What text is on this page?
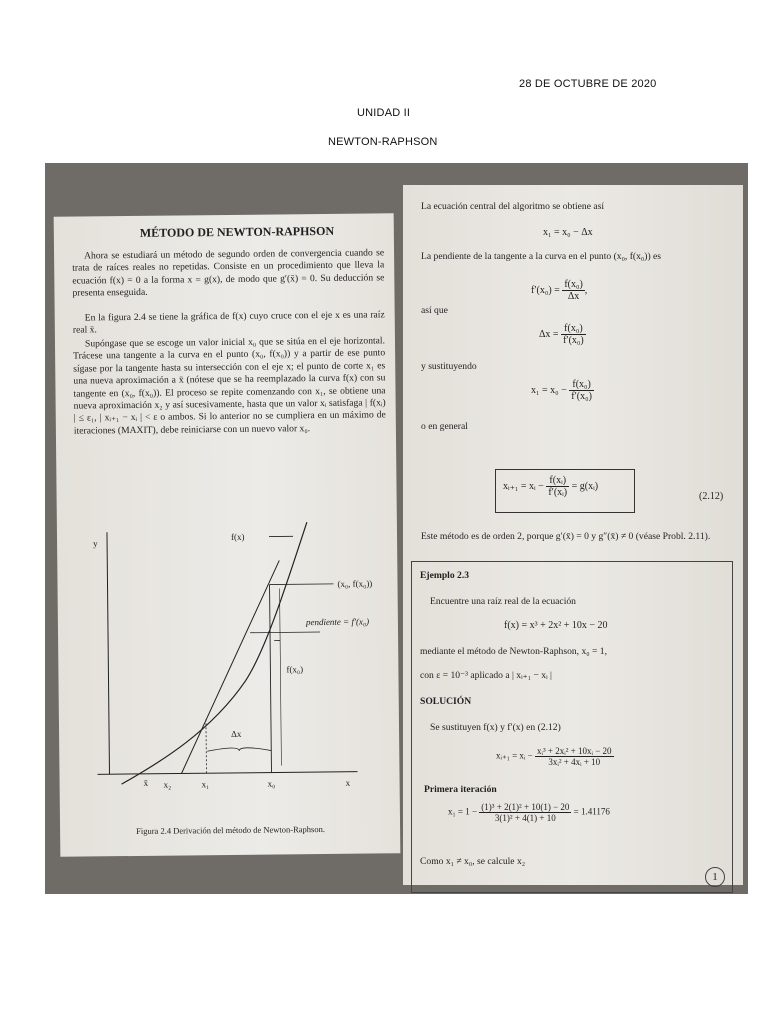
28 DE OCTUBRE DE 2020
UNIDAD II
NEWTON-RAPHSON
MÉTODO DE NEWTON-RAPHSON
Ahora se estudiará un método de segundo orden de convergencia cuando se trata de raíces reales no repetidas. Consiste en un procedimiento que lleva la ecuación f(x) = 0 a la forma x = g(x), de modo que g′(x̄) = 0. Su deducción se presenta enseguida.
En la figura 2.4 se tiene la gráfica de f(x) cuyo cruce con el eje x es una raíz real x̄.
Supóngase que se escoge un valor inicial x₀ que se sitúa en el eje horizontal. Trácese una tangente a la curva en el punto (x₀, f(x₀)) y a partir de ese punto sígase por la tangente hasta su intersección con el eje x; el punto de corte x₁ es una nueva aproximación a x̄ (nótese que se ha reemplazado la curva f(x) con su tangente en (x₀, f(x₀)). El proceso se repite comenzando con x₁, se obtiene una nueva aproximación x₂ y así sucesivamente, hasta que un valor xᵢ satisfaga | f(xᵢ) | ≤ ε₁, | xᵢ₊₁ − xᵢ | < ε o ambos. Si lo anterior no se cumpliera en un máximo de iteraciones (MAXIT), debe reiniciarse con un nuevo valor x₀.
y
x
f(x)
(x₀, f(x₀))
pendiente = f′(x₀)
f(x₀)
Δx
x̄ x₂	x₁	x₀
Figura 2.4 Derivación del método de Newton-Raphson.
La ecuación central del algoritmo se obtiene así
x₁ = x₀ − Δx
La pendiente de la tangente a la curva en el punto (x₀, f(x₀)) es
$f'(x_0) = \frac{\text{f(x₀)}}{\Delta x}$ ,
así que
$\Delta x = \frac{\text{f(x₀)}}{\text{f′(x₀)}}$
y sustituyendo
$x_1 = x_0 - \frac{\text{f(x₀)}}{\text{f′(x₀)}}$
o en general
xᵢ₊₁ = xᵢ − $\frac{\text{f(xᵢ)}}{\text{f′(xᵢ)}}$ = g(xᵢ)
(2.12)
Este método es de orden 2, porque g′(x̄) = 0 y g″(x̄) ≠ 0 (véase Probl. 2.11).
Ejemplo 2.3
Encuentre una raíz real de la ecuación
f(x) = x³ + 2x² + 10x − 20
mediante el método de Newton-Raphson, x₀ = 1,
con ε = 10⁻³ aplicado a | xᵢ₊₁ − xᵢ |
SOLUCIÓN
Se sustituyen f(x) y f′(x) en (2.12)
xᵢ₊₁ = xᵢ − $\frac{\text{xᵢ³ + 2xᵢ² + 10xᵢ − 20}}{\text{3xᵢ² + 4xᵢ + 10}}$
Primera iteración
$x_1 = 1 - \frac{\text{(1)³ + 2(1)² + 10(1) − 20}}{\text{3(1)² + 4(1) + 10}} = 1.41176$
Como x₁ ≠ x₀, se calcule x₂
1
